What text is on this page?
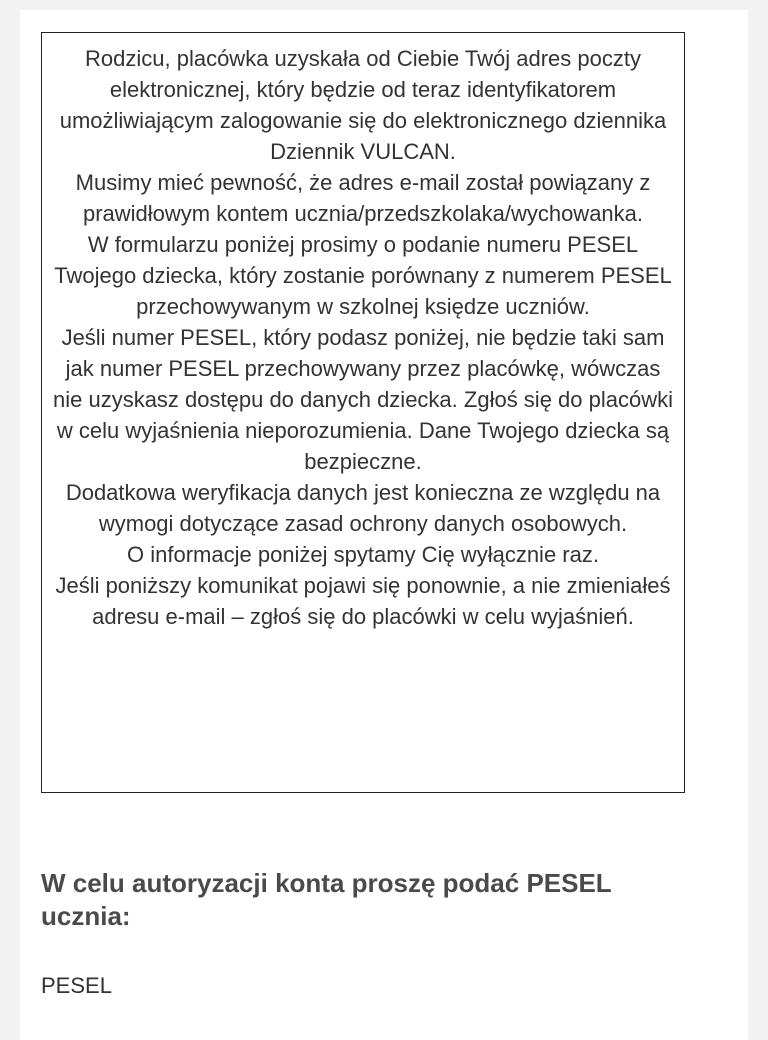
Rodzicu, placówka uzyskała od Ciebie Twój adres poczty elektronicznej, który będzie od teraz identyfikatorem umożliwiającym zalogowanie się do elektronicznego dziennika Dziennik VULCAN.

Musimy mieć pewność, że adres e-mail został powiązany z prawidłowym kontem ucznia/przedszkolaka/wychowanka.

W formularzu poniżej prosimy o podanie numeru PESEL Twojego dziecka, który zostanie porównany z numerem PESEL przechowywanym w szkolnej księdze uczniów.

Jeśli numer PESEL, który podasz poniżej, nie będzie taki sam jak numer PESEL przechowywany przez placówkę, wówczas nie uzyskasz dostępu do danych dziecka. Zgłoś się do placówki w celu wyjaśnienia nieporozumienia. Dane Twojego dziecka są bezpieczne.

Dodatkowa weryfikacja danych jest konieczna ze względu na wymogi dotyczące zasad ochrony danych osobowych.

O informacje poniżej spytamy Cię wyłącznie raz.

Jeśli poniższy komunikat pojawi się ponownie, a nie zmieniałeś adresu e-mail – zgłoś się do placówki w celu wyjaśnień.

W celu autoryzacji konta proszę podać PESEL ucznia:
PESEL
